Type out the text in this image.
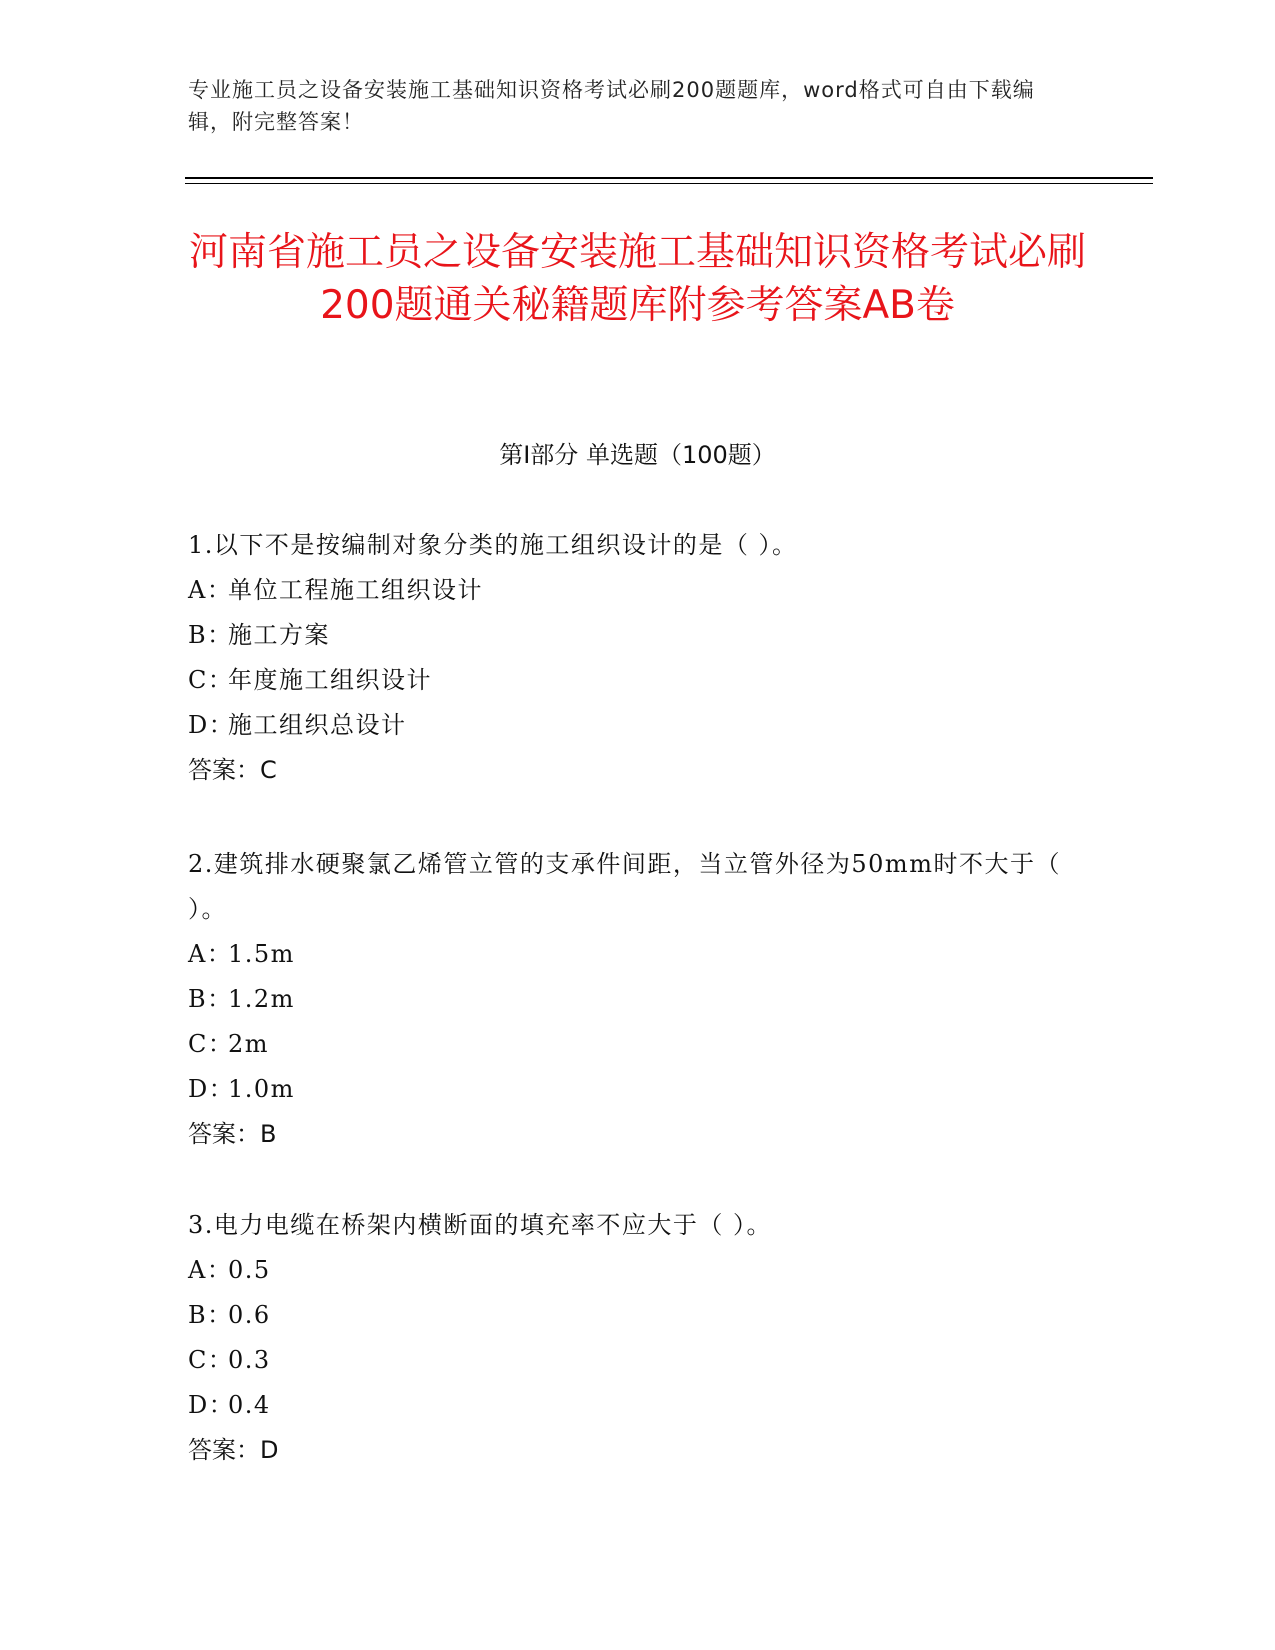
专业施工员之设备安装施工基础知识资格考试必刷200题题库，word格式可自由下载编辑，附完整答案！
河南省施工员之设备安装施工基础知识资格考试必刷200题通关秘籍题库附参考答案AB卷
第I部分 单选题（100题）
1.以下不是按编制对象分类的施工组织设计的是（ ）。
A：
单位工程施工组织设计
B：
施工方案
C：
年度施工组织设计
D：
施工组织总设计
答案：C
2.建筑排水硬聚氯乙烯管立管的支承件间距，当立管外径为50mm时不大于（ ）。
A：
1.5m
B：
1.2m
C：
2m
D：
1.0m
答案：B
3.电力电缆在桥架内横断面的填充率不应大于（ ）。
A：
0.5
B：
0.6
C：
0.3
D：
0.4
答案：D
